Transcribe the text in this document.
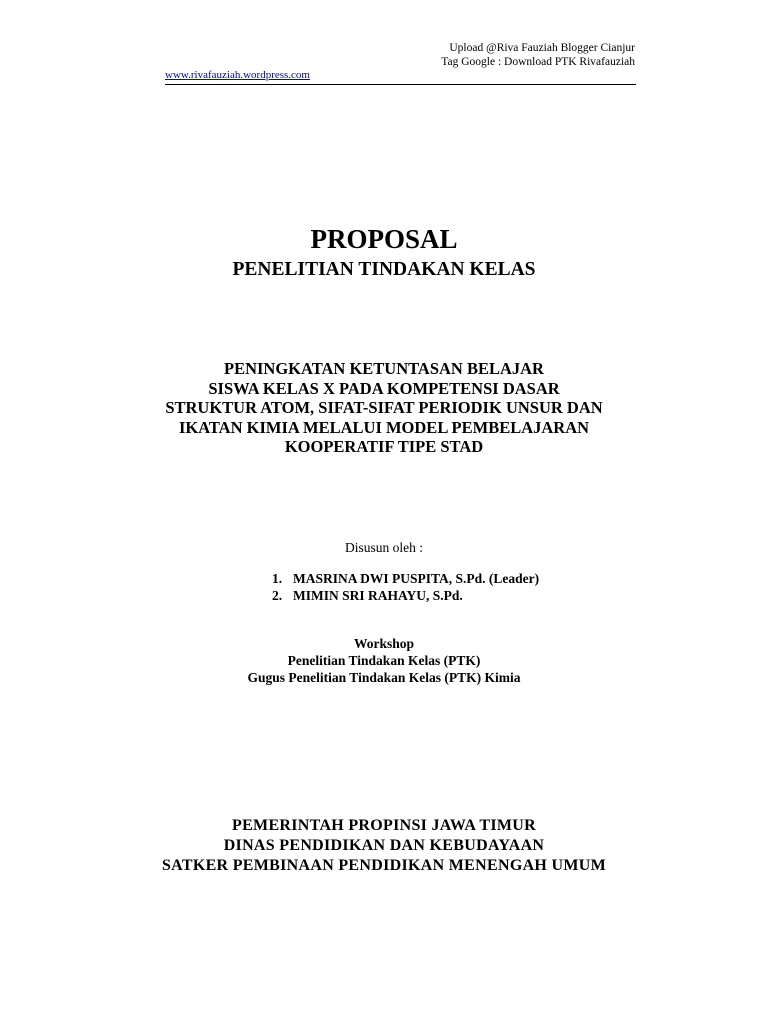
Upload @Riva Fauziah Blogger Cianjur
Tag Google : Download PTK Rivafauziah
www.rivafauziah.wordpress.com
PROPOSAL
PENELITIAN TINDAKAN KELAS
PENINGKATAN KETUNTASAN BELAJAR
SISWA KELAS X PADA KOMPETENSI DASAR
STRUKTUR ATOM, SIFAT-SIFAT PERIODIK UNSUR DAN
IKATAN KIMIA MELALUI MODEL PEMBELAJARAN
KOOPERATIF TIPE STAD
Disusun oleh :
1. MASRINA DWI PUSPITA, S.Pd. (Leader)
2. MIMIN SRI RAHAYU, S.Pd.
Workshop
Penelitian Tindakan Kelas (PTK)
Gugus Penelitian Tindakan Kelas (PTK) Kimia
PEMERINTAH PROPINSI JAWA TIMUR
DINAS PENDIDIKAN DAN KEBUDAYAAN
SATKER PEMBINAAN PENDIDIKAN MENENGAH UMUM
